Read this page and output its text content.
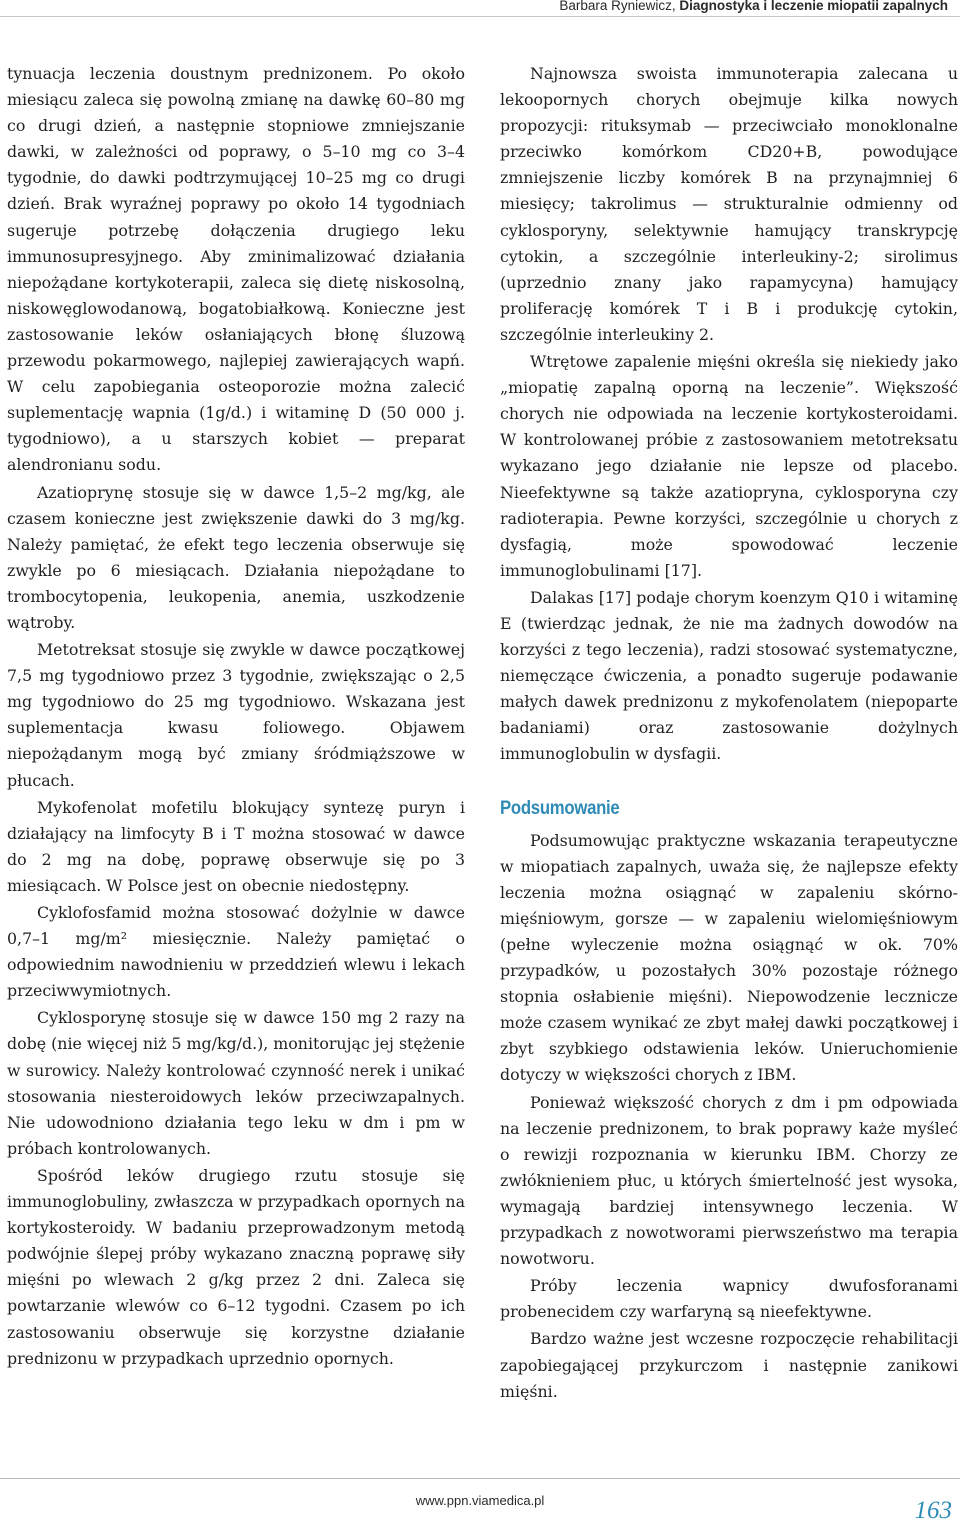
Barbara Ryniewicz, Diagnostyka i leczenie miopatii zapalnych

tynuacja leczenia doustnym prednizonem. Po około miesiącu zaleca się powolną zmianę na dawkę 60–80 mg co drugi dzień, a następnie stopniowe zmniejszanie dawki, w zależności od poprawy, o 5–10 mg co 3–4 tygodnie, do dawki podtrzymującej 10–25 mg co drugi dzień. Brak wyraźnej poprawy po około 14 tygodniach sugeruje potrzebę dołączenia drugiego leku immunosupresyjnego. Aby zminimalizować działania niepożądane kortykoterapii, zaleca się dietę niskosolną, niskowęglowodanową, bogatobiałkową. Konieczne jest zastosowanie leków osłaniających błonę śluzową przewodu pokarmowego, najlepiej zawierających wapń. W celu zapobiegania osteoporozie można zalecić suplementację wapnia (1g/d.) i witaminę D (50 000 j. tygodniowo), a u starszych kobiet — preparat alendronianu sodu.

Azatioprynę stosuje się w dawce 1,5–2 mg/kg, ale czasem konieczne jest zwiększenie dawki do 3 mg/kg. Należy pamiętać, że efekt tego leczenia obserwuje się zwykle po 6 miesiącach. Działania niepożądane to trombocytopenia, leukopenia, anemia, uszkodzenie wątroby.

Metotreksat stosuje się zwykle w dawce początkowej 7,5 mg tygodniowo przez 3 tygodnie, zwiększając o 2,5 mg tygodniowo do 25 mg tygodniowo. Wskazana jest suplementacja kwasu foliowego. Objawem niepożądanym mogą być zmiany śródmiąższowe w płucach.

Mykofenolat mofetilu blokujący syntezę puryn i działający na limfocyty B i T można stosować w dawce do 2 mg na dobę, poprawę obserwuje się po 3 miesiącach. W Polsce jest on obecnie niedostępny.

Cyklofosfamid można stosować dożylnie w dawce 0,7–1 mg/m² miesięcznie. Należy pamiętać o odpowiednim nawodnieniu w przeddzień wlewu i lekach przeciwwymiotnych.

Cyklosporynę stosuje się w dawce 150 mg 2 razy na dobę (nie więcej niż 5 mg/kg/d.), monitorując jej stężenie w surowicy. Należy kontrolować czynność nerek i unikać stosowania niesteroidowych leków przeciwzapalnych. Nie udowodniono działania tego leku w dm i pm w próbach kontrolowanych.

Spośród leków drugiego rzutu stosuje się immunoglobuliny, zwłaszcza w przypadkach opornych na kortykosteroidy. W badaniu przeprowadzonym metodą podwójnie ślepej próby wykazano znaczną poprawę siły mięśni po wlewach 2 g/kg przez 2 dni. Zaleca się powtarzanie wlewów co 6–12 tygodni. Czasem po ich zastosowaniu obserwuje się korzystne działanie prednizonu w przypadkach uprzednio opornych.

Najnowsza swoista immunoterapia zalecana u lekoopornych chorych obejmuje kilka nowych propozycji: rituksymab — przeciwciało monoklonalne przeciwko komórkom CD20+B, powodujące zmniejszenie liczby komórek B na przynajmniej 6 miesięcy; takrolimus — strukturalnie odmienny od cyklosporyny, selektywnie hamujący transkrypcję cytokin, a szczególnie interleukiny-2; sirolimus (uprzednio znany jako rapamycyna) hamujący proliferację komórek T i B i produkcję cytokin, szczególnie interleukiny 2.

Wtrętowe zapalenie mięśni określa się niekiedy jako „miopatię zapalną oporną na leczenie”. Większość chorych nie odpowiada na leczenie kortykosteroidami. W kontrolowanej próbie z zastosowaniem metotreksatu wykazano jego działanie nie lepsze od placebo. Nieefektywne są także azatiopryna, cyklosporyna czy radioterapia. Pewne korzyści, szczególnie u chorych z dysfagią, może spowodować leczenie immunoglobulinami [17].

Dalakas [17] podaje chorym koenzym Q10 i witaminę E (twierdząc jednak, że nie ma żadnych dowodów na korzyści z tego leczenia), radzi stosować systematyczne, niemęczące ćwiczenia, a ponadto sugeruje podawanie małych dawek prednizonu z mykofenolatem (niepoparte badaniami) oraz zastosowanie dożylnych immunoglobulin w dysfagii.

Podsumowanie

Podsumowując praktyczne wskazania terapeutyczne w miopatiach zapalnych, uważa się, że najlepsze efekty leczenia można osiągnąć w zapaleniu skórno-mięśniowym, gorsze — w zapaleniu wielomięśniowym (pełne wyleczenie można osiągnąć w ok. 70% przypadków, u pozostałych 30% pozostaje różnego stopnia osłabienie mięśni). Niepowodzenie lecznicze może czasem wynikać ze zbyt małej dawki początkowej i zbyt szybkiego odstawienia leków. Unieruchomienie dotyczy w większości chorych z IBM.

Ponieważ większość chorych z dm i pm odpowiada na leczenie prednizonem, to brak poprawy każe myśleć o rewizji rozpoznania w kierunku IBM. Chorzy ze zwłóknieniem płuc, u których śmiertelność jest wysoka, wymagają bardziej intensywnego leczenia. W przypadkach z nowotworami pierwszeństwo ma terapia nowotworu.

Próby leczenia wapnicy dwufosforanami probenecidem czy warfaryną są nieefektywne.

Bardzo ważne jest wczesne rozpoczęcie rehabilitacji zapobiegającej przykurczom i następnie zanikowi mięśni.

www.ppn.viamedica.pl	163
